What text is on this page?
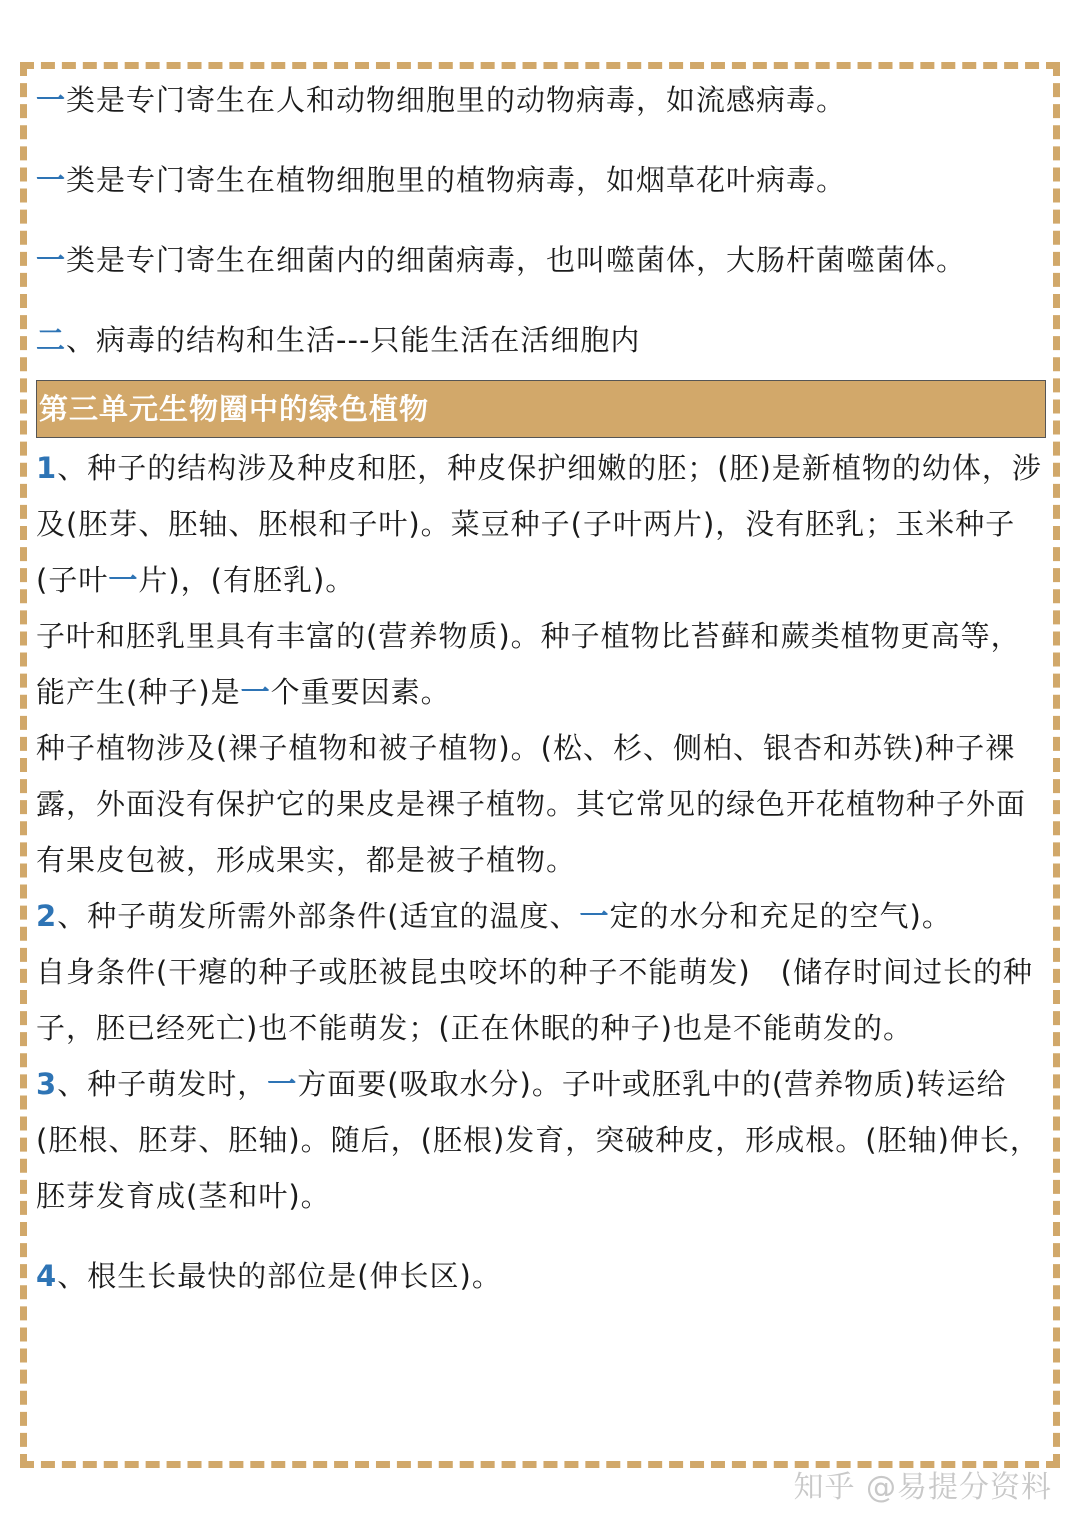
一类是专门寄生在人和动物细胞里的动物病毒，如流感病毒。

一类是专门寄生在植物细胞里的植物病毒，如烟草花叶病毒。

一类是专门寄生在细菌内的细菌病毒，也叫噬菌体，大肠杆菌噬菌体。

二、病毒的结构和生活---只能生活在活细胞内

第三单元生物圈中的绿色植物

1、种子的结构涉及种皮和胚，种皮保护细嫩的胚；(胚)是新植物的幼体，涉及(胚芽、胚轴、胚根和子叶)。菜豆种子(子叶两片)，没有胚乳；玉米种子(子叶一片)，(有胚乳)。

子叶和胚乳里具有丰富的(营养物质)。种子植物比苔藓和蕨类植物更高等，能产生(种子)是一个重要因素。

种子植物涉及(裸子植物和被子植物)。(松、杉、侧柏、银杏和苏铁)种子裸露，外面没有保护它的果皮是裸子植物。其它常见的绿色开花植物种子外面有果皮包被，形成果实，都是被子植物。

2、种子萌发所需外部条件(适宜的温度、一定的水分和充足的空气)。

自身条件(干瘪的种子或胚被昆虫咬坏的种子不能萌发)　(储存时间过长的种子，胚已经死亡)也不能萌发；(正在休眠的种子)也是不能萌发的。

3、种子萌发时，一方面要(吸取水分)。子叶或胚乳中的(营养物质)转运给(胚根、胚芽、胚轴)。随后，(胚根)发育，突破种皮，形成根。(胚轴)伸长，胚芽发育成(茎和叶)。

4、根生长最快的部位是(伸长区)。

知乎 @易提分资料
